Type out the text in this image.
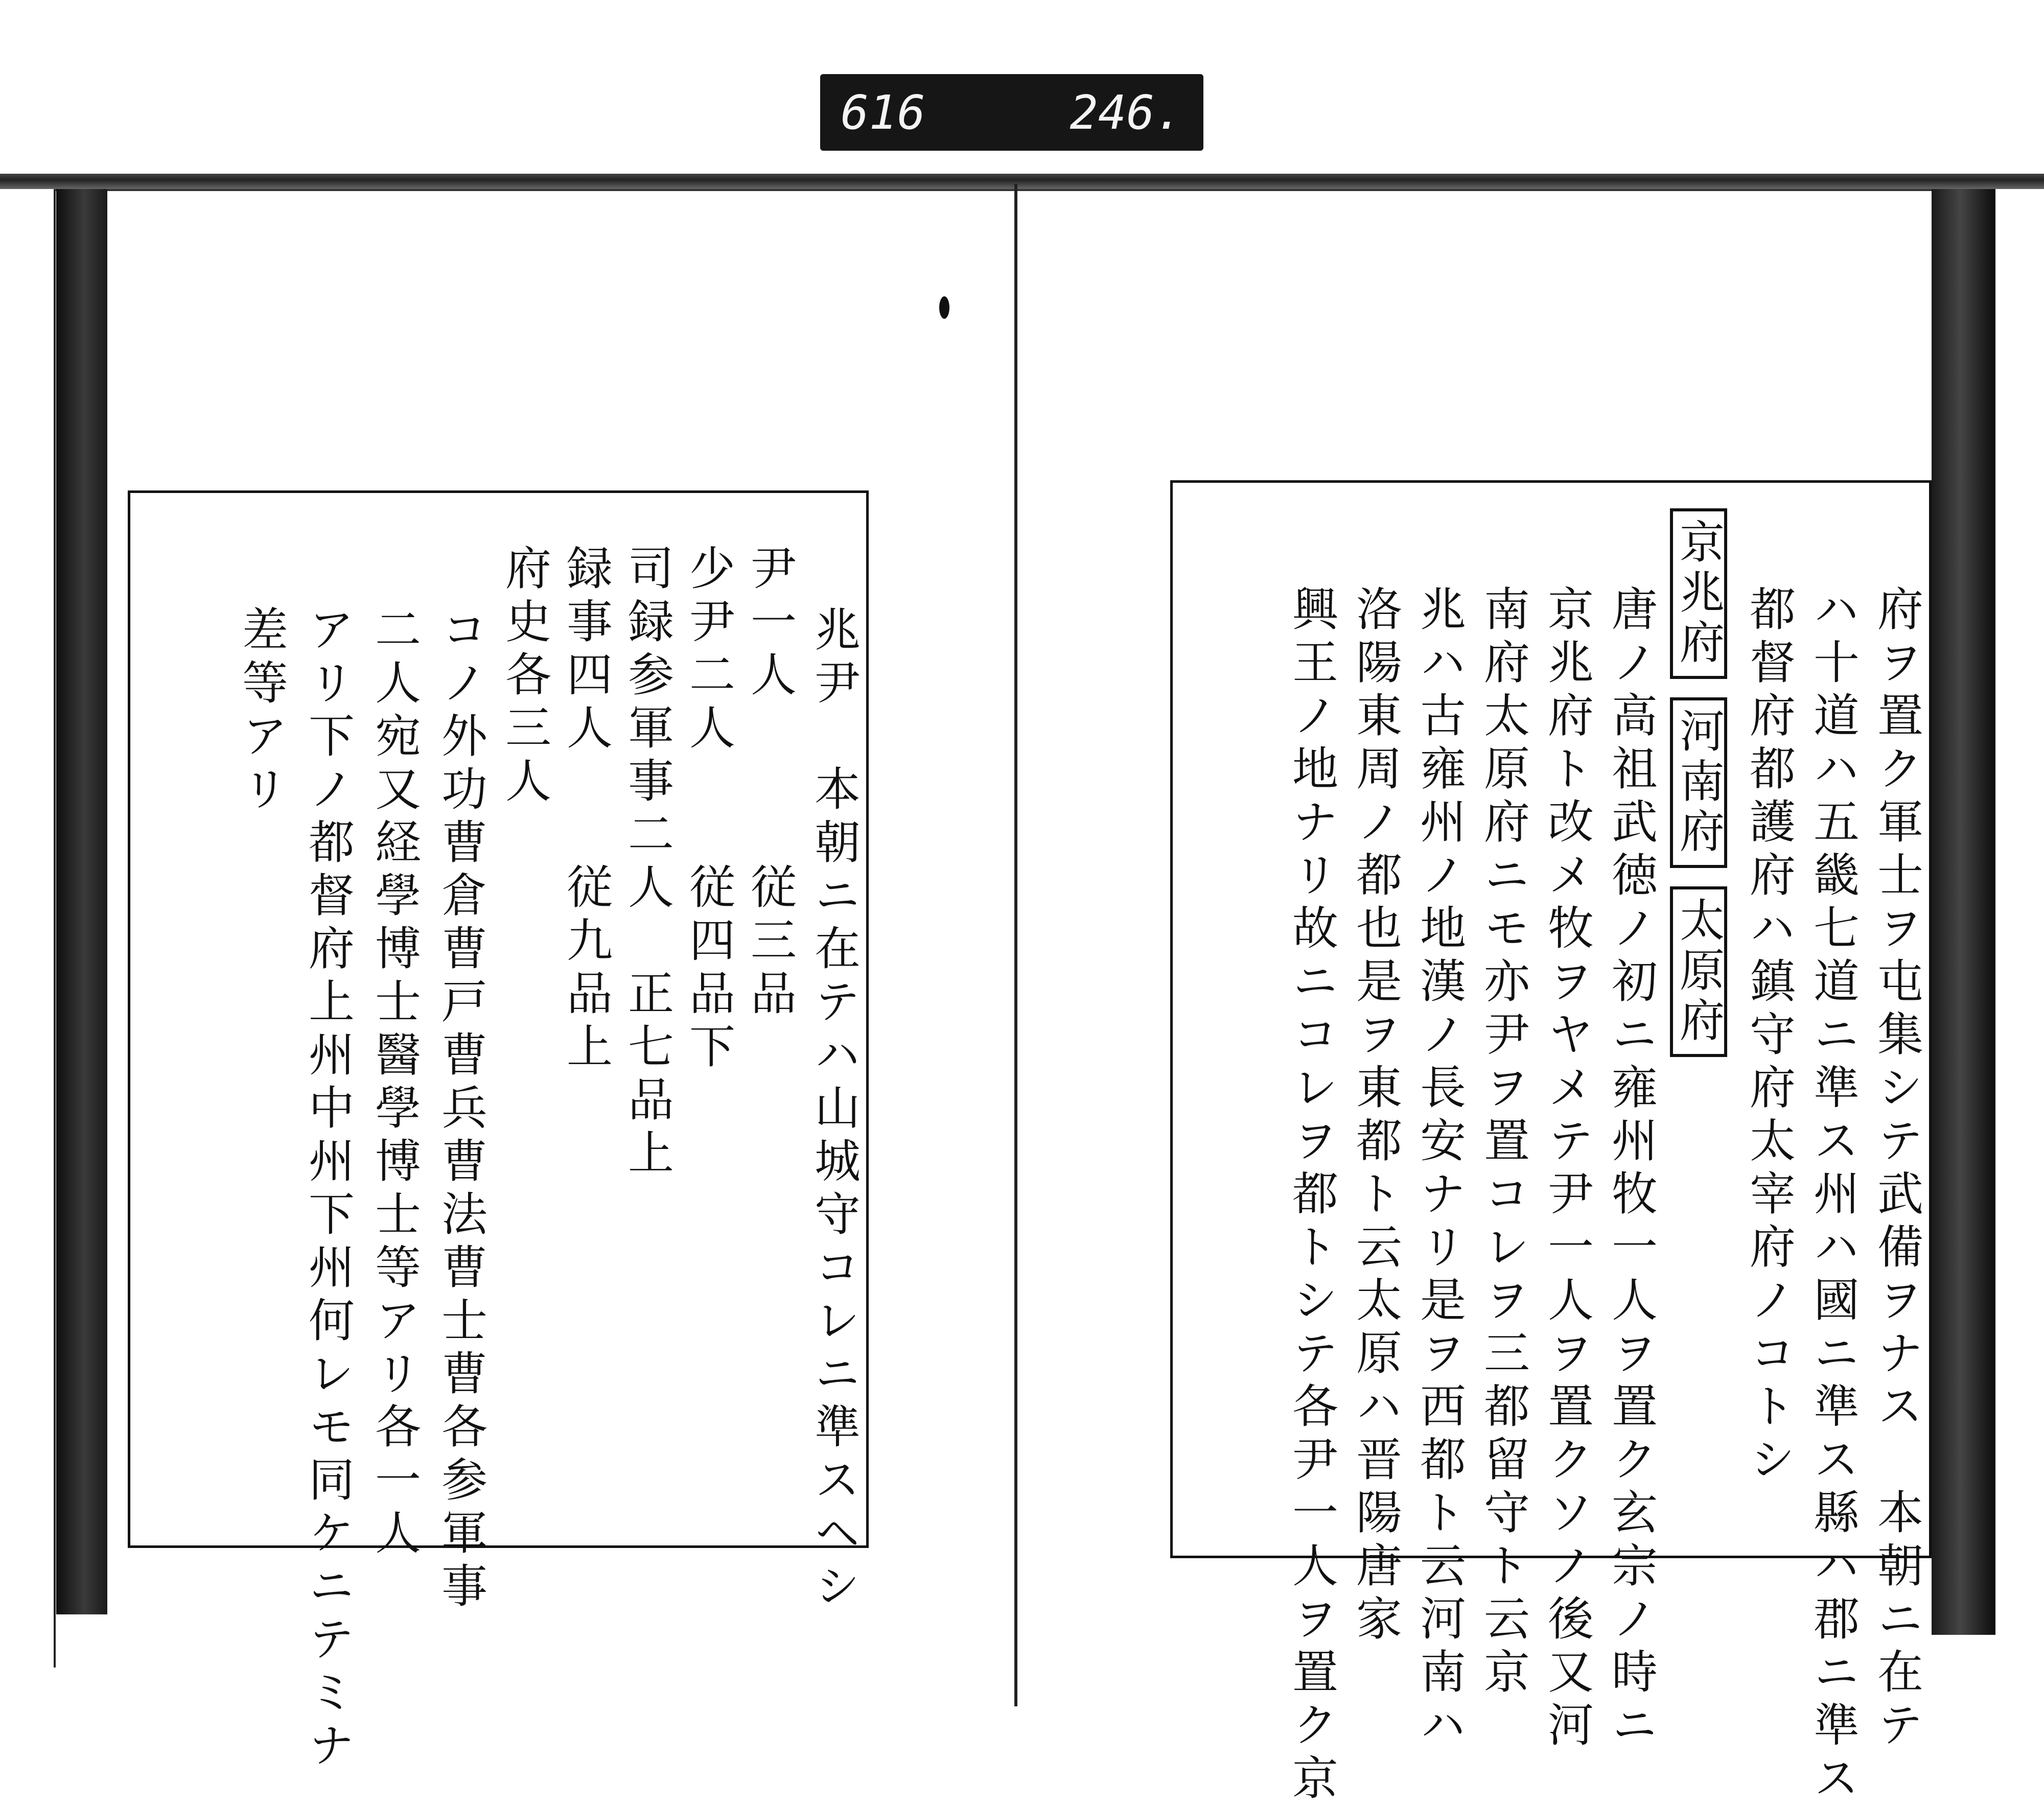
616	246.
兆尹　本朝ニ在テハ山城守コレニ準スヘシ
尹一人　　　従三品
少尹二人　　従四品下
司録参軍事二人　正七品上
録事四人　　従九品上
府史各三人
コノ外功曹倉曹戸曹兵曹法曹士曹各参軍事
二人宛又経學博士醫學博士等アリ各一人
アリ下ノ都督府上州中州下州何レモ同ケニテミナ
差等アリ	府ヲ置ク軍士ヲ屯集シテ武備ヲナス　本朝ニ在テ
ハ十道ハ五畿七道ニ準ス州ハ國ニ準ス縣ハ郡ニ準ス
都督府都護府ハ鎮守府太宰府ノコトシ
唐ノ高祖武徳ノ初ニ雍州牧一人ヲ置ク玄宗ノ時ニ
京兆府ト改メ牧ヲヤメテ尹一人ヲ置クソノ後又河
南府太原府ニモ亦尹ヲ置コレヲ三都留守ト云京
兆ハ古雍州ノ地漢ノ長安ナリ是ヲ西都ト云河南ハ
洛陽東周ノ都也是ヲ東都ト云太原ハ晋陽唐家
興王ノ地ナリ故ニコレヲ都トシテ各尹一人ヲ置ク京	京兆府
河南府
太原府
